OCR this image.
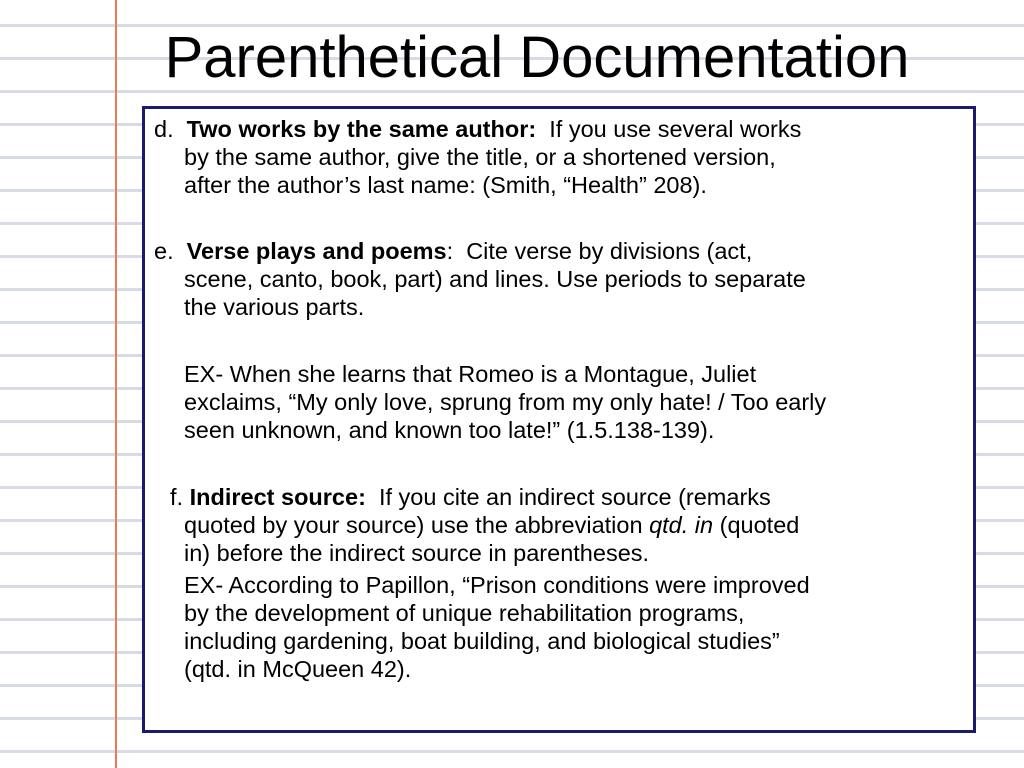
Parenthetical Documentation

d. Two works by the same author: If you use several works

by the same author, give the title, or a shortened version,

after the author’s last name: (Smith, “Health” 208).

e. Verse plays and poems: Cite verse by divisions (act,

scene, canto, book, part) and lines. Use periods to separate

the various parts.

EX- When she learns that Romeo is a Montague, Juliet

exclaims, “My only love, sprung from my only hate! / Too early

seen unknown, and known too late!” (1.5.138-139).

f. Indirect source: If you cite an indirect source (remarks

quoted by your source) use the abbreviation qtd. in (quoted

in) before the indirect source in parentheses.

EX- According to Papillon, “Prison conditions were improved

by the development of unique rehabilitation programs,

including gardening, boat building, and biological studies”

(qtd. in McQueen 42).
